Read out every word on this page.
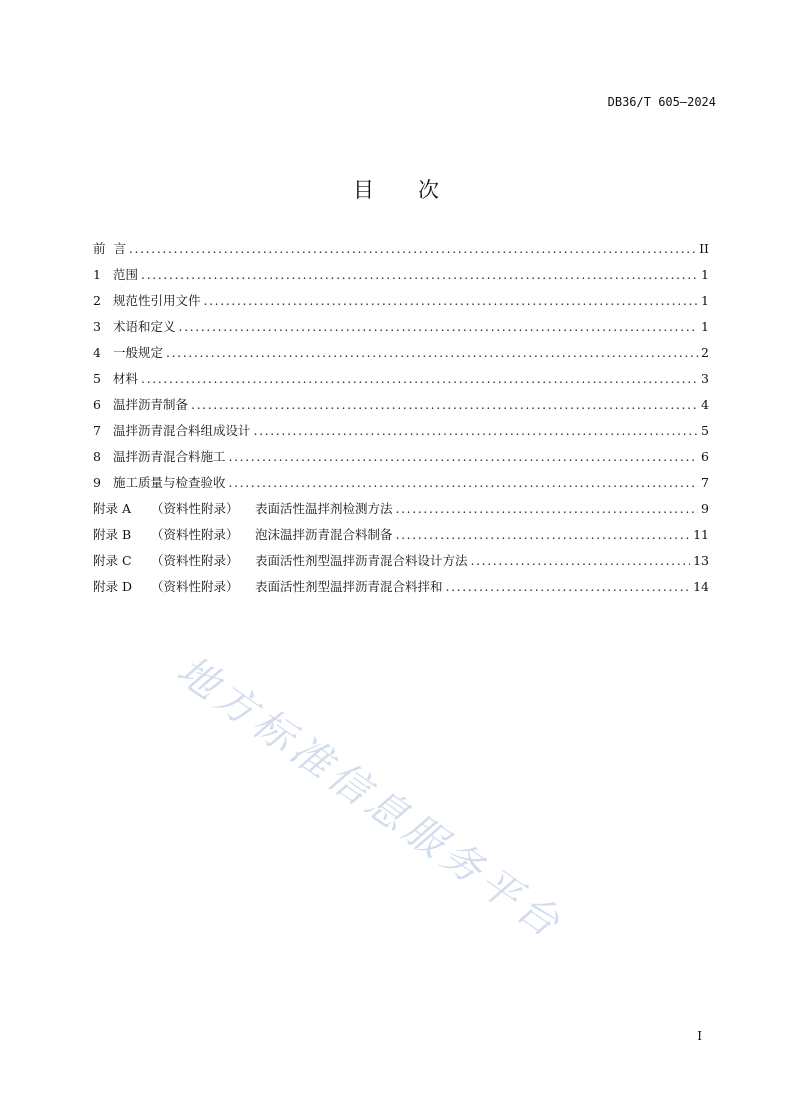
DB36/T 605—2024
目 次
前  言 .....	II
1 范围 .....	1
2 规范性引用文件 .....	1
3 术语和定义 .....	1
4 一般规定 .....	2
5 材料 .....	3
6 温拌沥青制备 .....	4
7 温拌沥青混合料组成设计 .....	5
8 温拌沥青混合料施工 .....	6
9 施工质量与检查验收 .....	7
附录 A （资料性附录） 表面活性温拌剂检测方法 .....	9
附录 B （资料性附录） 泡沫温拌沥青混合料制备 .....	11
附录 C （资料性附录） 表面活性剂型温拌沥青混合料设计方法 .....	13
附录 D （资料性附录） 表面活性剂型温拌沥青混合料拌和 .....	14
地方标准信息服务平台
I
